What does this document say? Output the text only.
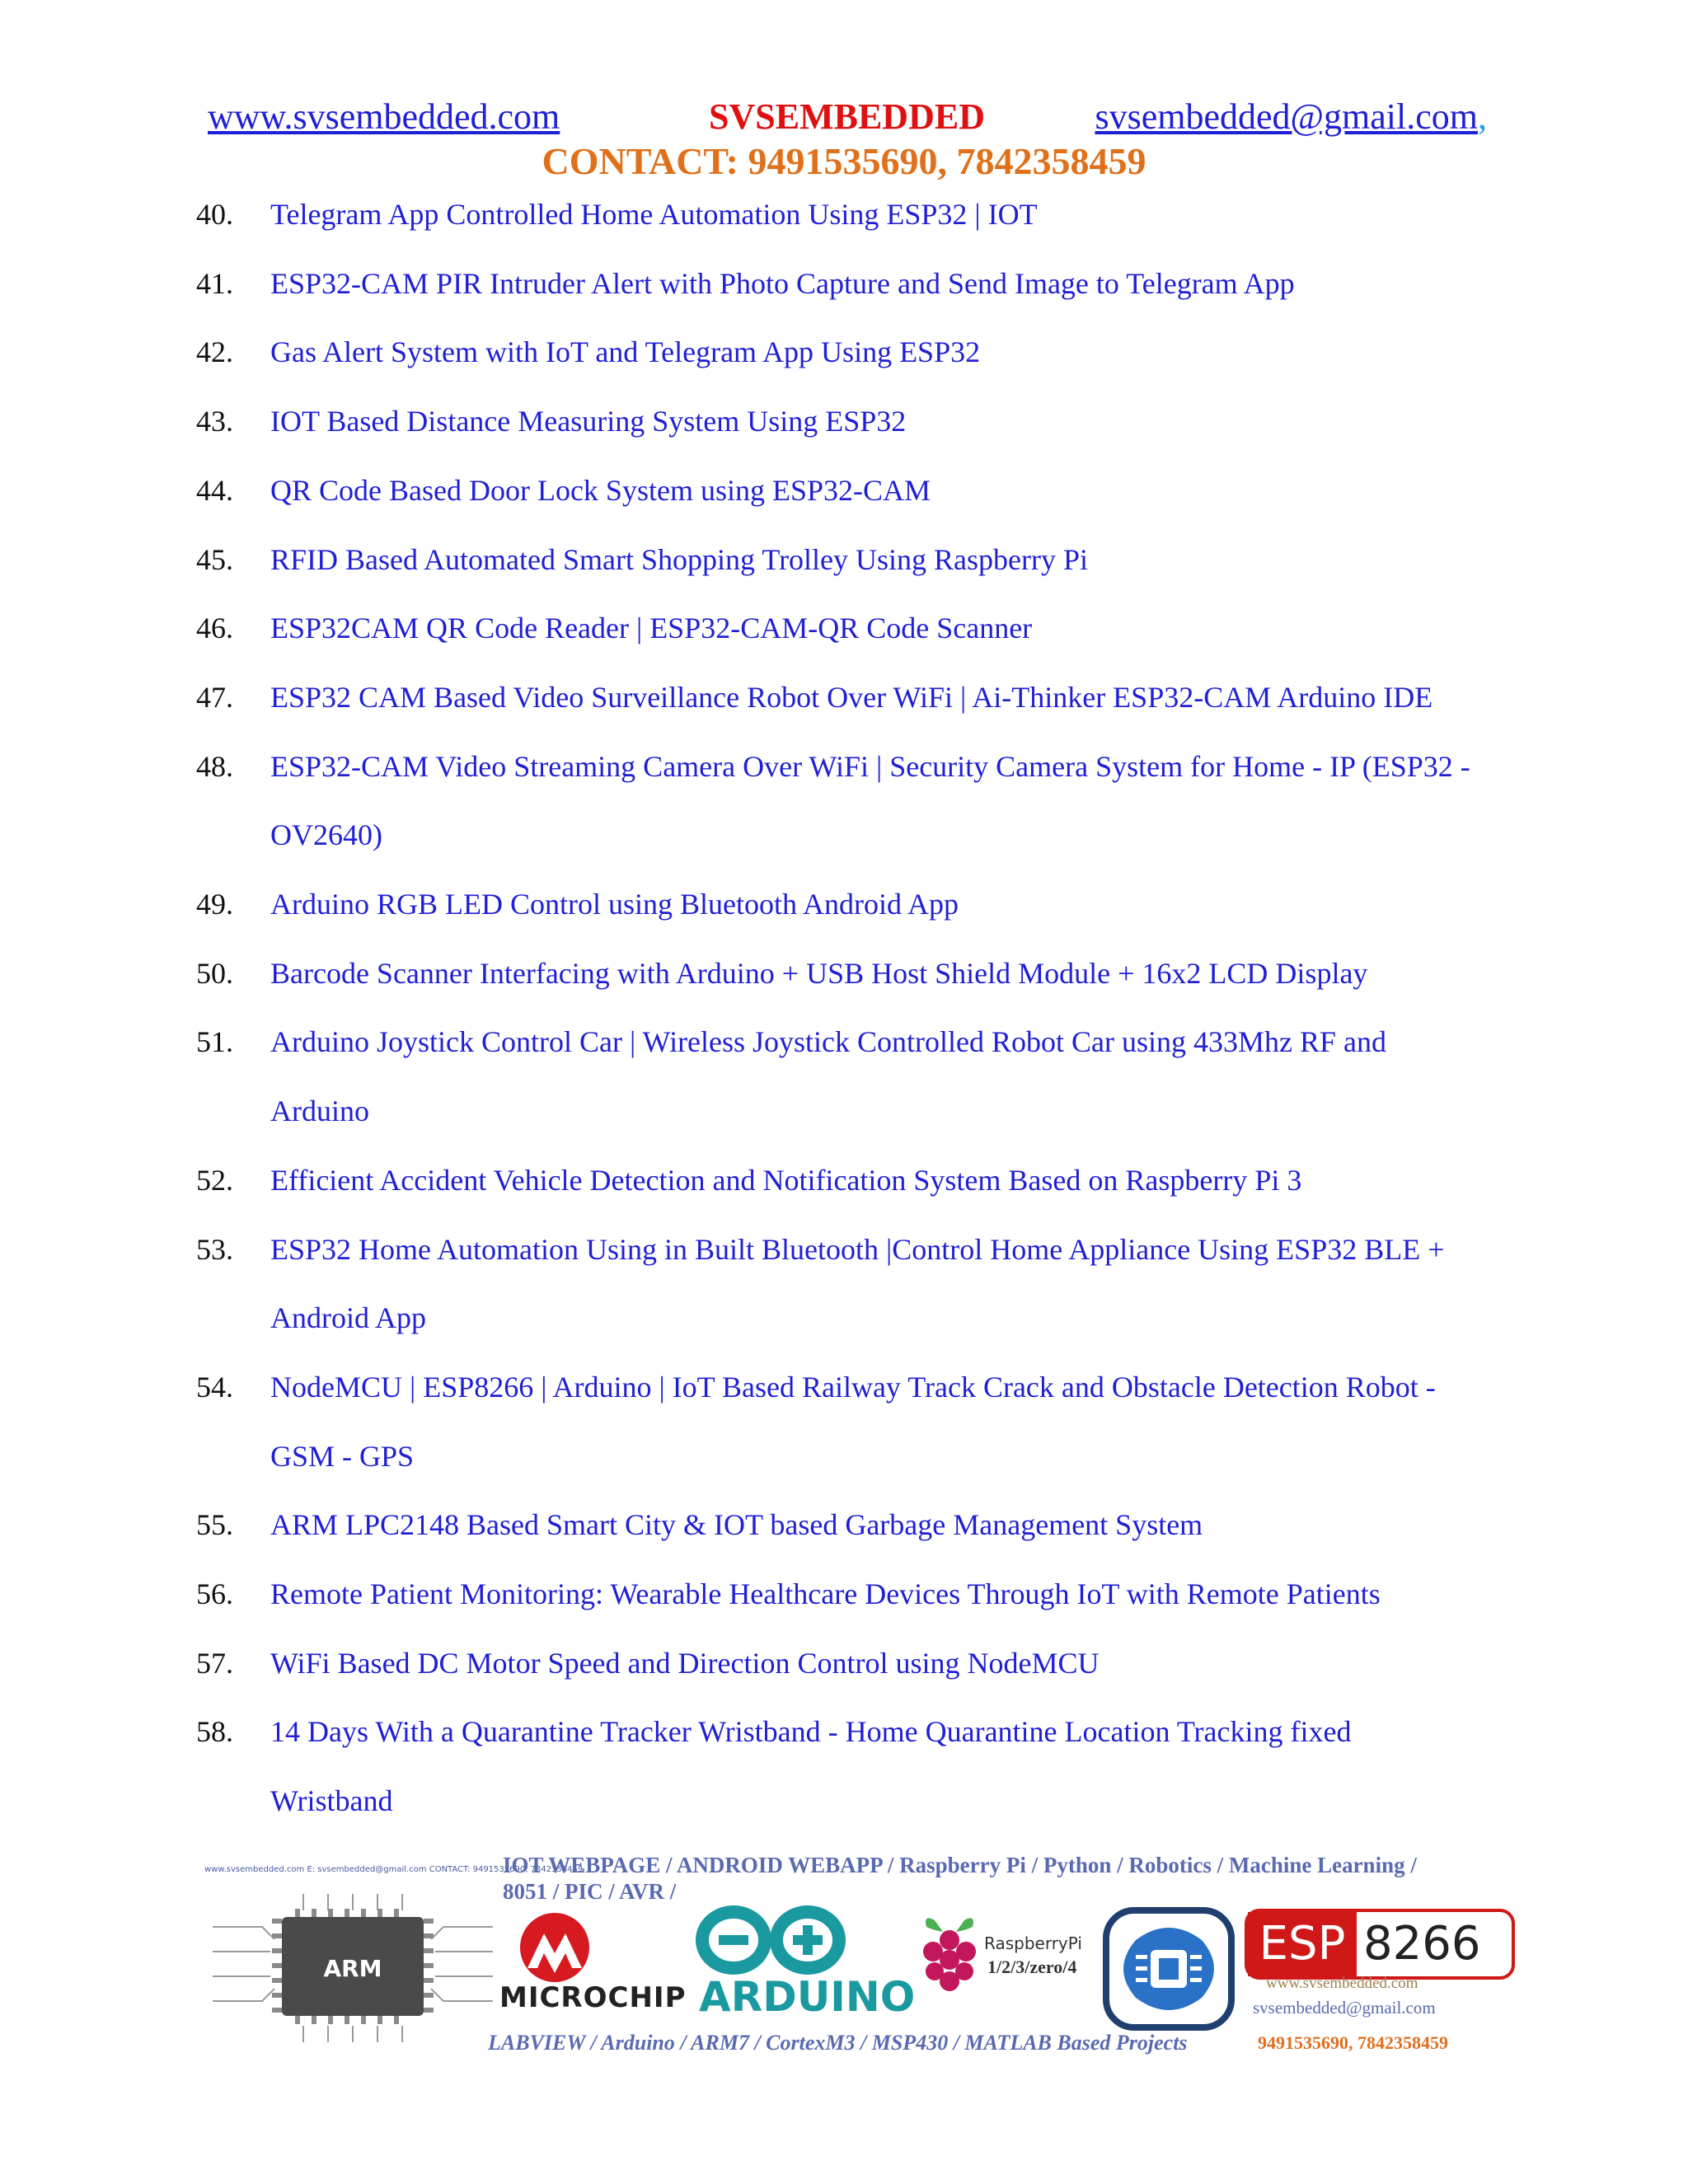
www.svsembedded.com	SVSEMBEDDED	svsembedded@gmail.com,
CONTACT: 9491535690, 7842358459
40. Telegram App Controlled Home Automation Using ESP32 | IOT
41. ESP32-CAM PIR Intruder Alert with Photo Capture and Send Image to Telegram App
42. Gas Alert System with IoT and Telegram App Using ESP32
43. IOT Based Distance Measuring System Using ESP32
44. QR Code Based Door Lock System using ESP32-CAM
45. RFID Based Automated Smart Shopping Trolley Using Raspberry Pi
46. ESP32CAM QR Code Reader | ESP32-CAM-QR Code Scanner
47. ESP32 CAM Based Video Surveillance Robot Over WiFi | Ai-Thinker ESP32-CAM Arduino IDE
48. ESP32-CAM Video Streaming Camera Over WiFi | Security Camera System for Home - IP (ESP32 -
OV2640)
49. Arduino RGB LED Control using Bluetooth Android App
50. Barcode Scanner Interfacing with Arduino + USB Host Shield Module + 16x2 LCD Display
51. Arduino Joystick Control Car | Wireless Joystick Controlled Robot Car using 433Mhz RF and
Arduino
52. Efficient Accident Vehicle Detection and Notification System Based on Raspberry Pi 3
53. ESP32 Home Automation Using in Built Bluetooth |Control Home Appliance Using ESP32 BLE +
Android App
54. NodeMCU | ESP8266 | Arduino | IoT Based Railway Track Crack and Obstacle Detection Robot -
GSM - GPS
55. ARM LPC2148 Based Smart City & IOT based Garbage Management System
56. Remote Patient Monitoring: Wearable Healthcare Devices Through IoT with Remote Patients
57. WiFi Based DC Motor Speed and Direction Control using NodeMCU
58. 14 Days With a Quarantine Tracker Wristband - Home Quarantine Location Tracking fixed
Wristband
www.svsembedded.com E: svsembedded@gmail.com CONTACT: 9491535690, 7842358459
IOT WEBPAGE / ANDROID WEBAPP / Raspberry Pi / Python / Robotics / Machine Learning /
8051 / PIC / AVR /
ARM
MICROCHIP ARDUINO
RaspberryPi
1/2/3/zero/4	ESP 8266
www.svsembedded.com
svsembedded@gmail.com
LABVIEW / Arduino / ARM7 / CortexM3 / MSP430 / MATLAB Based Projects	9491535690, 7842358459
